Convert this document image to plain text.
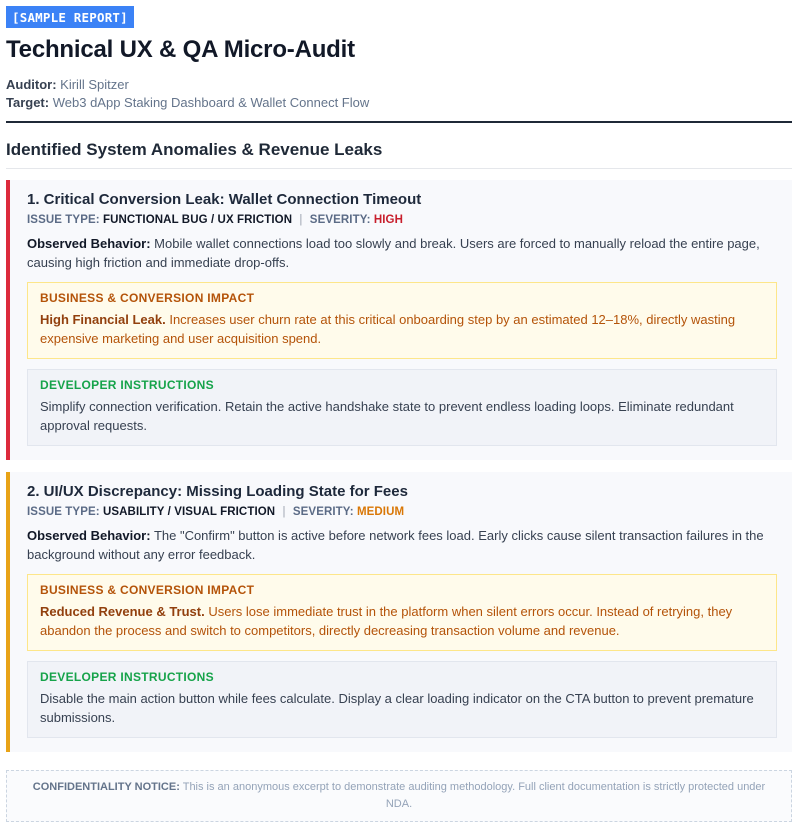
[SAMPLE REPORT]
Technical UX & QA Micro-Audit
Auditor: Kirill Spitzer
Target: Web3 dApp Staking Dashboard & Wallet Connect Flow
Identified System Anomalies & Revenue Leaks
1. Critical Conversion Leak: Wallet Connection Timeout
ISSUE TYPE: FUNCTIONAL BUG / UX FRICTION | SEVERITY: HIGH

Observed Behavior: Mobile wallet connections load too slowly and break. Users are forced to manually reload the entire page, causing high friction and immediate drop-offs.

BUSINESS & CONVERSION IMPACT

High Financial Leak. Increases user churn rate at this critical onboarding step by an estimated 12–18%, directly wasting expensive marketing and user acquisition spend.

DEVELOPER INSTRUCTIONS

Simplify connection verification. Retain the active handshake state to prevent endless loading loops. Eliminate redundant approval requests.

2. UI/UX Discrepancy: Missing Loading State for Fees
ISSUE TYPE: USABILITY / VISUAL FRICTION | SEVERITY: MEDIUM

Observed Behavior: The "Confirm" button is active before network fees load. Early clicks cause silent transaction failures in the background without any error feedback.

BUSINESS & CONVERSION IMPACT

Reduced Revenue & Trust. Users lose immediate trust in the platform when silent errors occur. Instead of retrying, they abandon the process and switch to competitors, directly decreasing transaction volume and revenue.

DEVELOPER INSTRUCTIONS

Disable the main action button while fees calculate. Display a clear loading indicator on the CTA button to prevent premature submissions.

CONFIDENTIALITY NOTICE: This is an anonymous excerpt to demonstrate auditing methodology. Full client documentation is strictly protected under NDA.
